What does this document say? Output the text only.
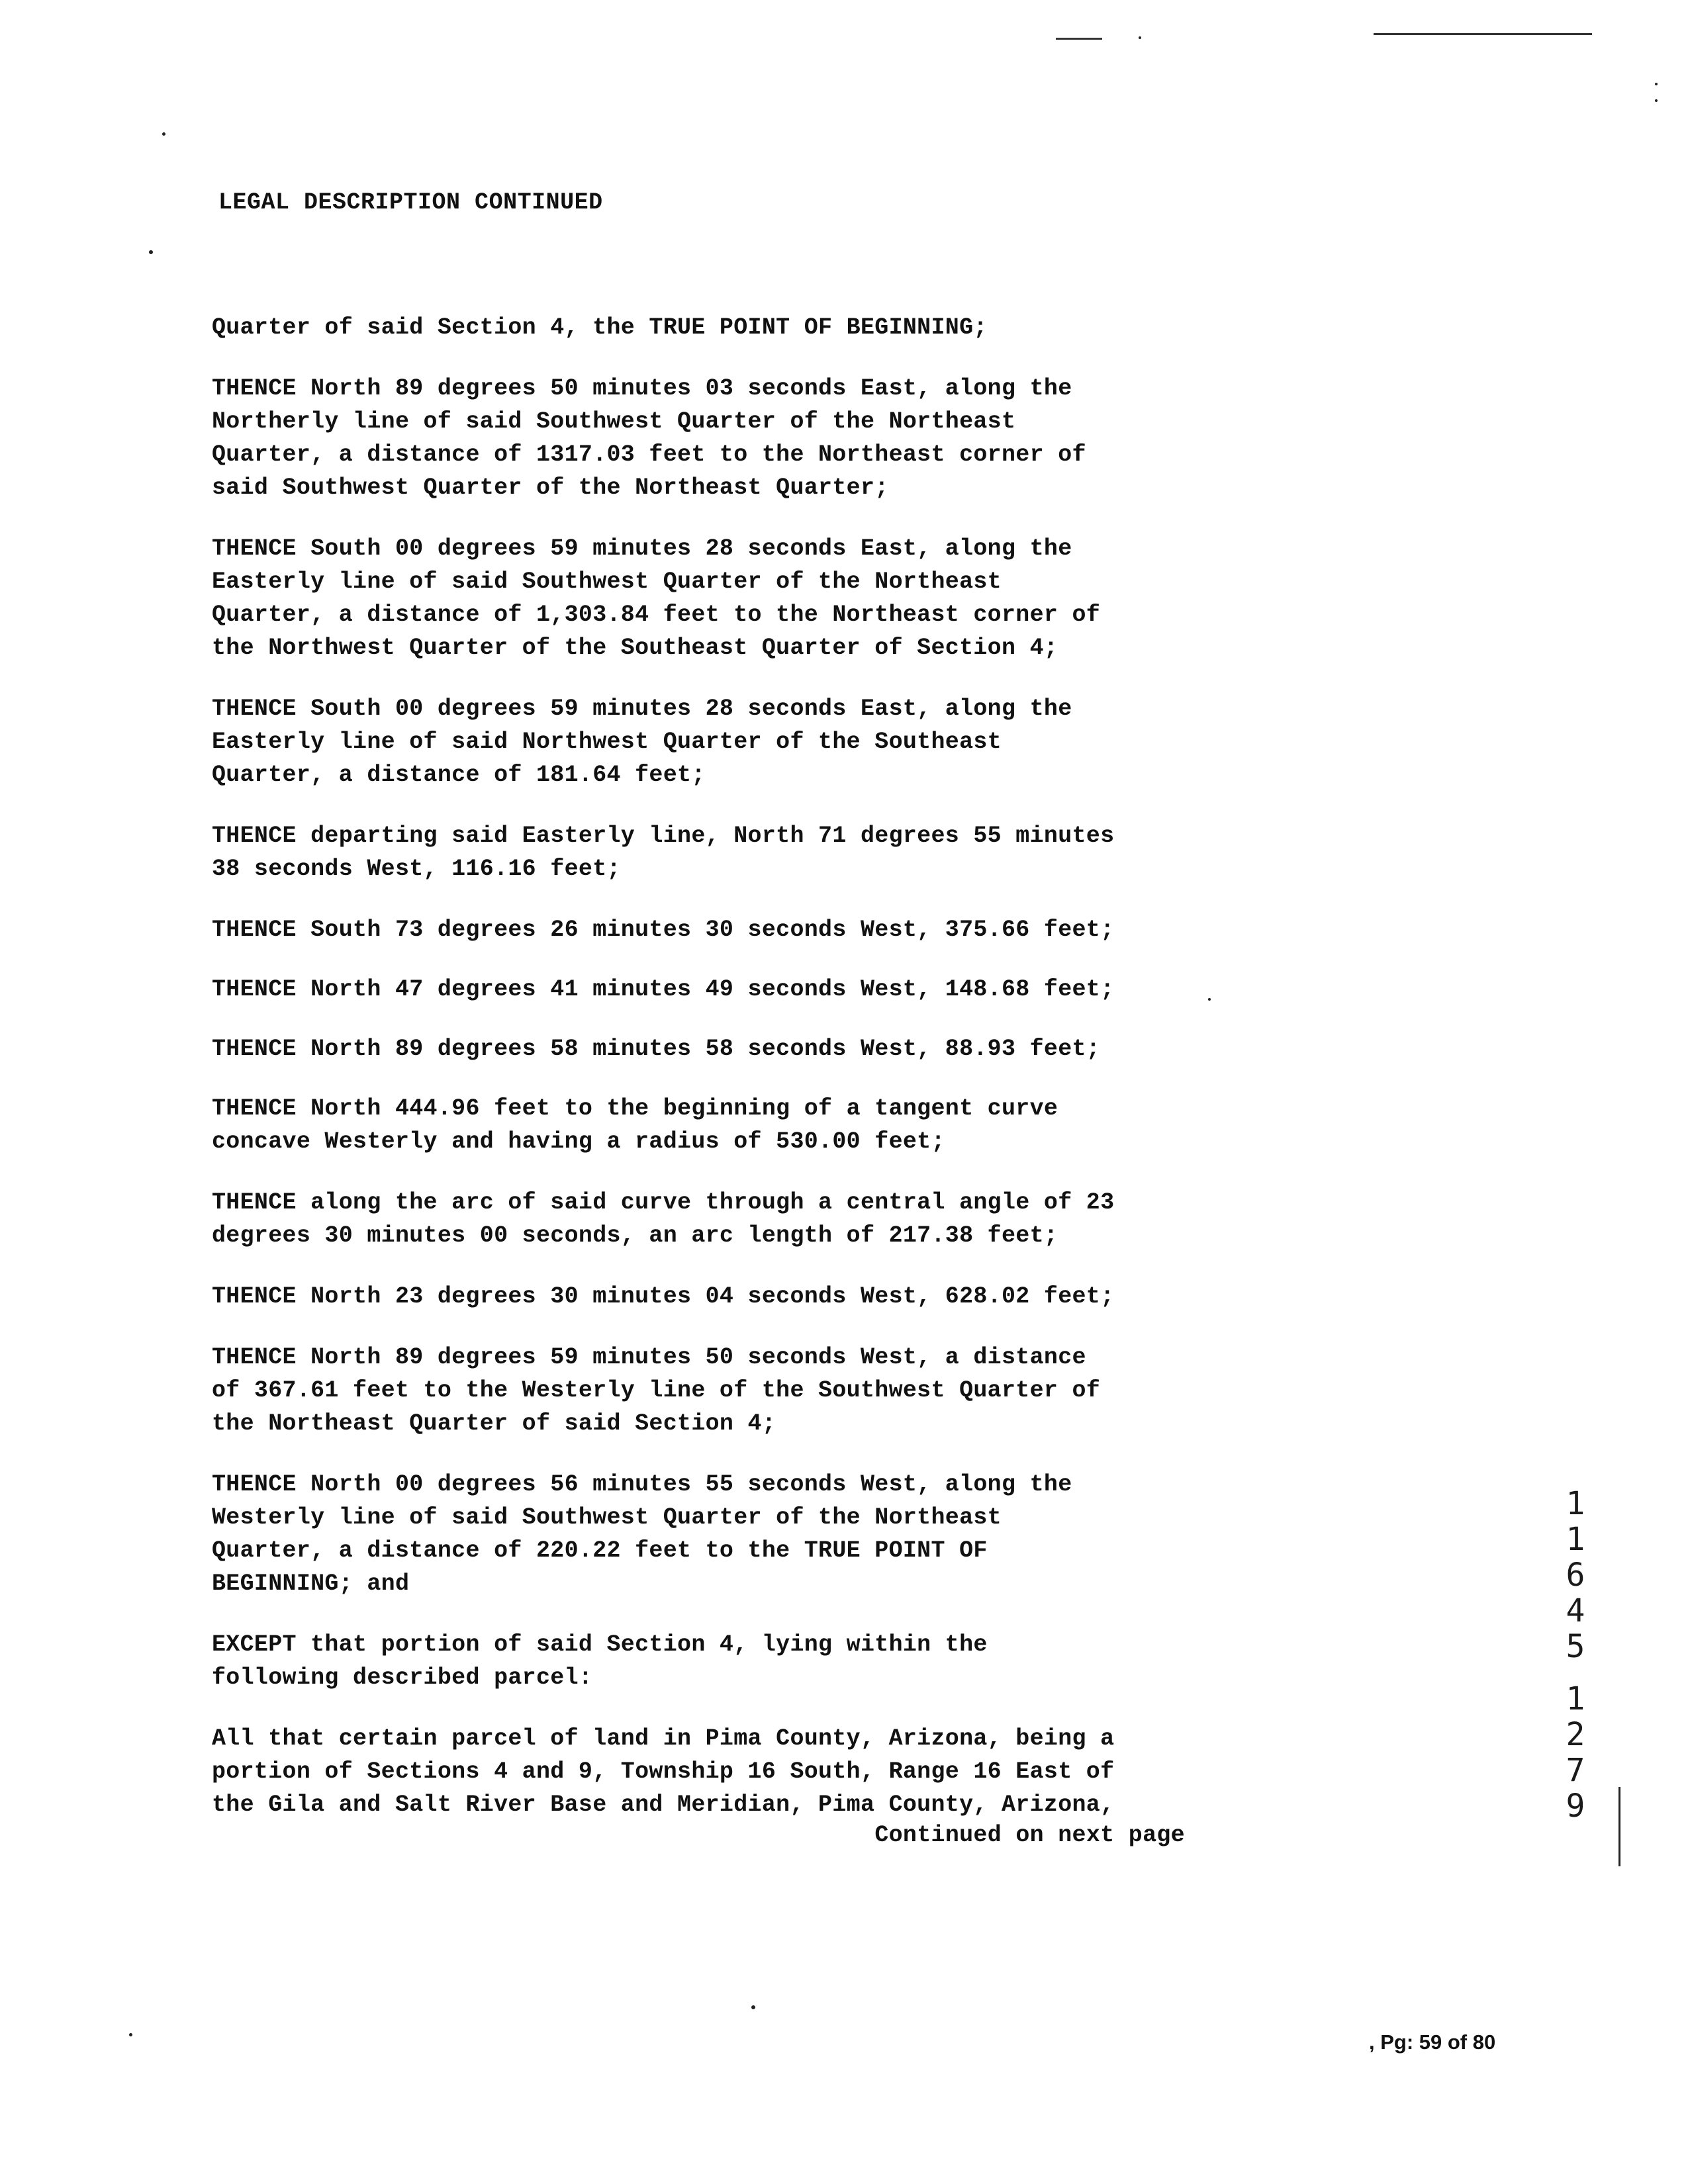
LEGAL DESCRIPTION CONTINUED

Quarter of said Section 4, the TRUE POINT OF BEGINNING;

THENCE North 89 degrees 50 minutes 03 seconds East, along the
Northerly line of said Southwest Quarter of the Northeast
Quarter, a distance of 1317.03 feet to the Northeast corner of
said Southwest Quarter of the Northeast Quarter;

THENCE South 00 degrees 59 minutes 28 seconds East, along the
Easterly line of said Southwest Quarter of the Northeast
Quarter, a distance of 1,303.84 feet to the Northeast corner of
the Northwest Quarter of the Southeast Quarter of Section 4;

THENCE South 00 degrees 59 minutes 28 seconds East, along the
Easterly line of said Northwest Quarter of the Southeast
Quarter, a distance of 181.64 feet;

THENCE departing said Easterly line, North 71 degrees 55 minutes
38 seconds West, 116.16 feet;

THENCE South 73 degrees 26 minutes 30 seconds West, 375.66 feet;

THENCE North 47 degrees 41 minutes 49 seconds West, 148.68 feet;

THENCE North 89 degrees 58 minutes 58 seconds West, 88.93 feet;

THENCE North 444.96 feet to the beginning of a tangent curve
concave Westerly and having a radius of 530.00 feet;

THENCE along the arc of said curve through a central angle of 23
degrees 30 minutes 00 seconds, an arc length of 217.38 feet;

THENCE North 23 degrees 30 minutes 04 seconds West, 628.02 feet;

THENCE North 89 degrees 59 minutes 50 seconds West, a distance
of 367.61 feet to the Westerly line of the Southwest Quarter of
the Northeast Quarter of said Section 4;

THENCE North 00 degrees 56 minutes 55 seconds West, along the
Westerly line of said Southwest Quarter of the Northeast
Quarter, a distance of 220.22 feet to the TRUE POINT OF
BEGINNING; and

EXCEPT that portion of said Section 4, lying within the
following described parcel:

All that certain parcel of land in Pima County, Arizona, being a
portion of Sections 4 and 9, Township 16 South, Range 16 East of
the Gila and Salt River Base and Meridian, Pima County, Arizona,

Continued on next page
1
1
6
4
5
1
2
7
9
, Pg: 59 of 80
